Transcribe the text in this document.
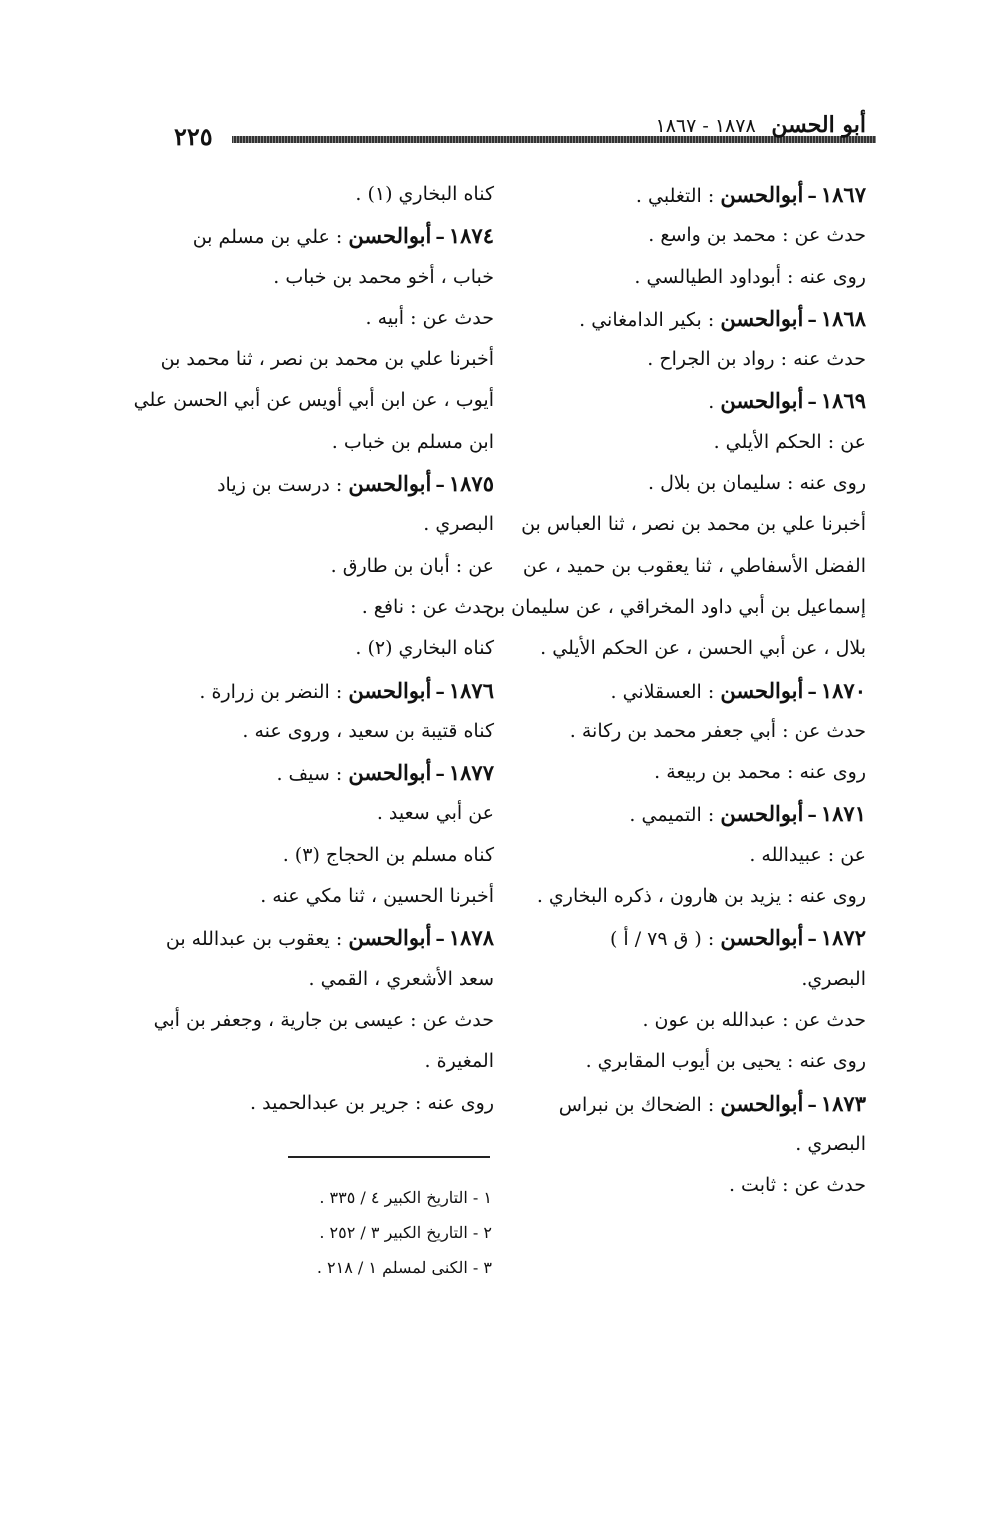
٢٢٥	أبو الحسن ١٨٧٨ - ١٨٦٧
١٨٦٧–أبوالحسن : التغلبي .
حدث عن : محمد بن واسع .
روى عنه : أبوداود الطيالسي .
١٨٦٨–أبوالحسن : بكير الدامغاني .
حدث عنه : رواد بن الجراح .
١٨٦٩–أبوالحسن .
عن : الحكم الأيلي .
روى عنه : سليمان بن بلال .
أخبرنا علي بن محمد بن نصر ، ثنا العباس بن
الفضل الأسفاطي ، ثنا يعقوب بن حميد ، عن
إسماعيل بن أبي داود المخراقي ، عن سليمان بن
بلال ، عن أبي الحسن ، عن الحكم الأيلي .
١٨٧٠–أبوالحسن : العسقلاني .
حدث عن : أبي جعفر محمد بن ركانة .
روى عنه : محمد بن ربيعة .
١٨٧١–أبوالحسن : التميمي .
عن : عبيدالله .
روى عنه : يزيد بن هارون ، ذكره البخاري .
١٨٧٢–أبوالحسن : ( ق ٧٩ / أ )
البصري.
حدث عن : عبدالله بن عون .
روى عنه : يحيى بن أيوب المقابري .
١٨٧٣–أبوالحسن : الضحاك بن نبراس
البصري .
حدث عن : ثابت .
كناه البخاري (١) .
١٨٧٤–أبوالحسن : علي بن مسلم بن
خباب ، أخو محمد بن خباب .
حدث عن : أبيه .
أخبرنا علي بن محمد بن نصر ، ثنا محمد بن
أيوب ، عن ابن أبي أويس عن أبي الحسن علي
ابن مسلم بن خباب .
١٨٧٥–أبوالحسن : درست بن زياد
البصري .
عن : أبان بن طارق .
حدث عن : نافع .
كناه البخاري (٢) .
١٨٧٦–أبوالحسن : النضر بن زرارة .
كناه قتيبة بن سعيد ، وروى عنه .
١٨٧٧–أبوالحسن : سيف .
عن أبي سعيد .
كناه مسلم بن الحجاج (٣) .
أخبرنا الحسين ، ثنا مكي عنه .
١٨٧٨–أبوالحسن : يعقوب بن عبدالله بن
سعد الأشعري ، القمي .
حدث عن : عيسى بن جارية ، وجعفر بن أبي
المغيرة .
روى عنه : جرير بن عبدالحميد .
١ - التاريخ الكبير ٤ / ٣٣٥ .
٢ - التاريخ الكبير ٣ / ٢٥٢ .
٣ - الكنى لمسلم ١ / ٢١٨ .
